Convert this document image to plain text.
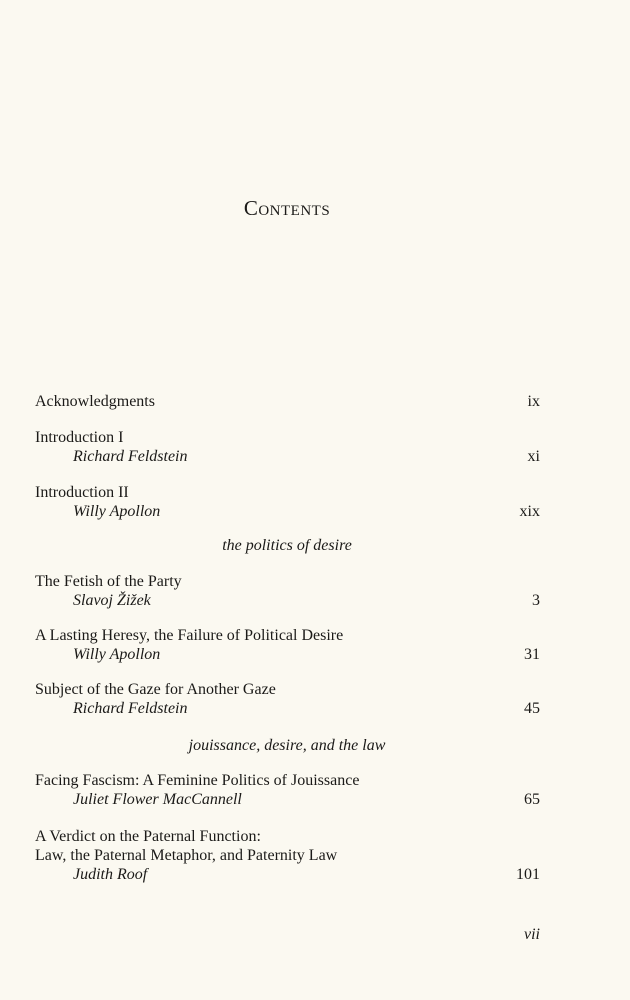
Contents
Acknowledgments	ix
Introduction I
Richard Feldstein	xi
Introduction II
Willy Apollon	xix
the politics of desire
The Fetish of the Party
Slavoj Žižek	3
A Lasting Heresy, the Failure of Political Desire
Willy Apollon	31
Subject of the Gaze for Another Gaze
Richard Feldstein	45
jouissance, desire, and the law
Facing Fascism: A Feminine Politics of Jouissance
Juliet Flower MacCannell	65
A Verdict on the Paternal Function:
Law, the Paternal Metaphor, and Paternity Law
Judith Roof	101
vii
